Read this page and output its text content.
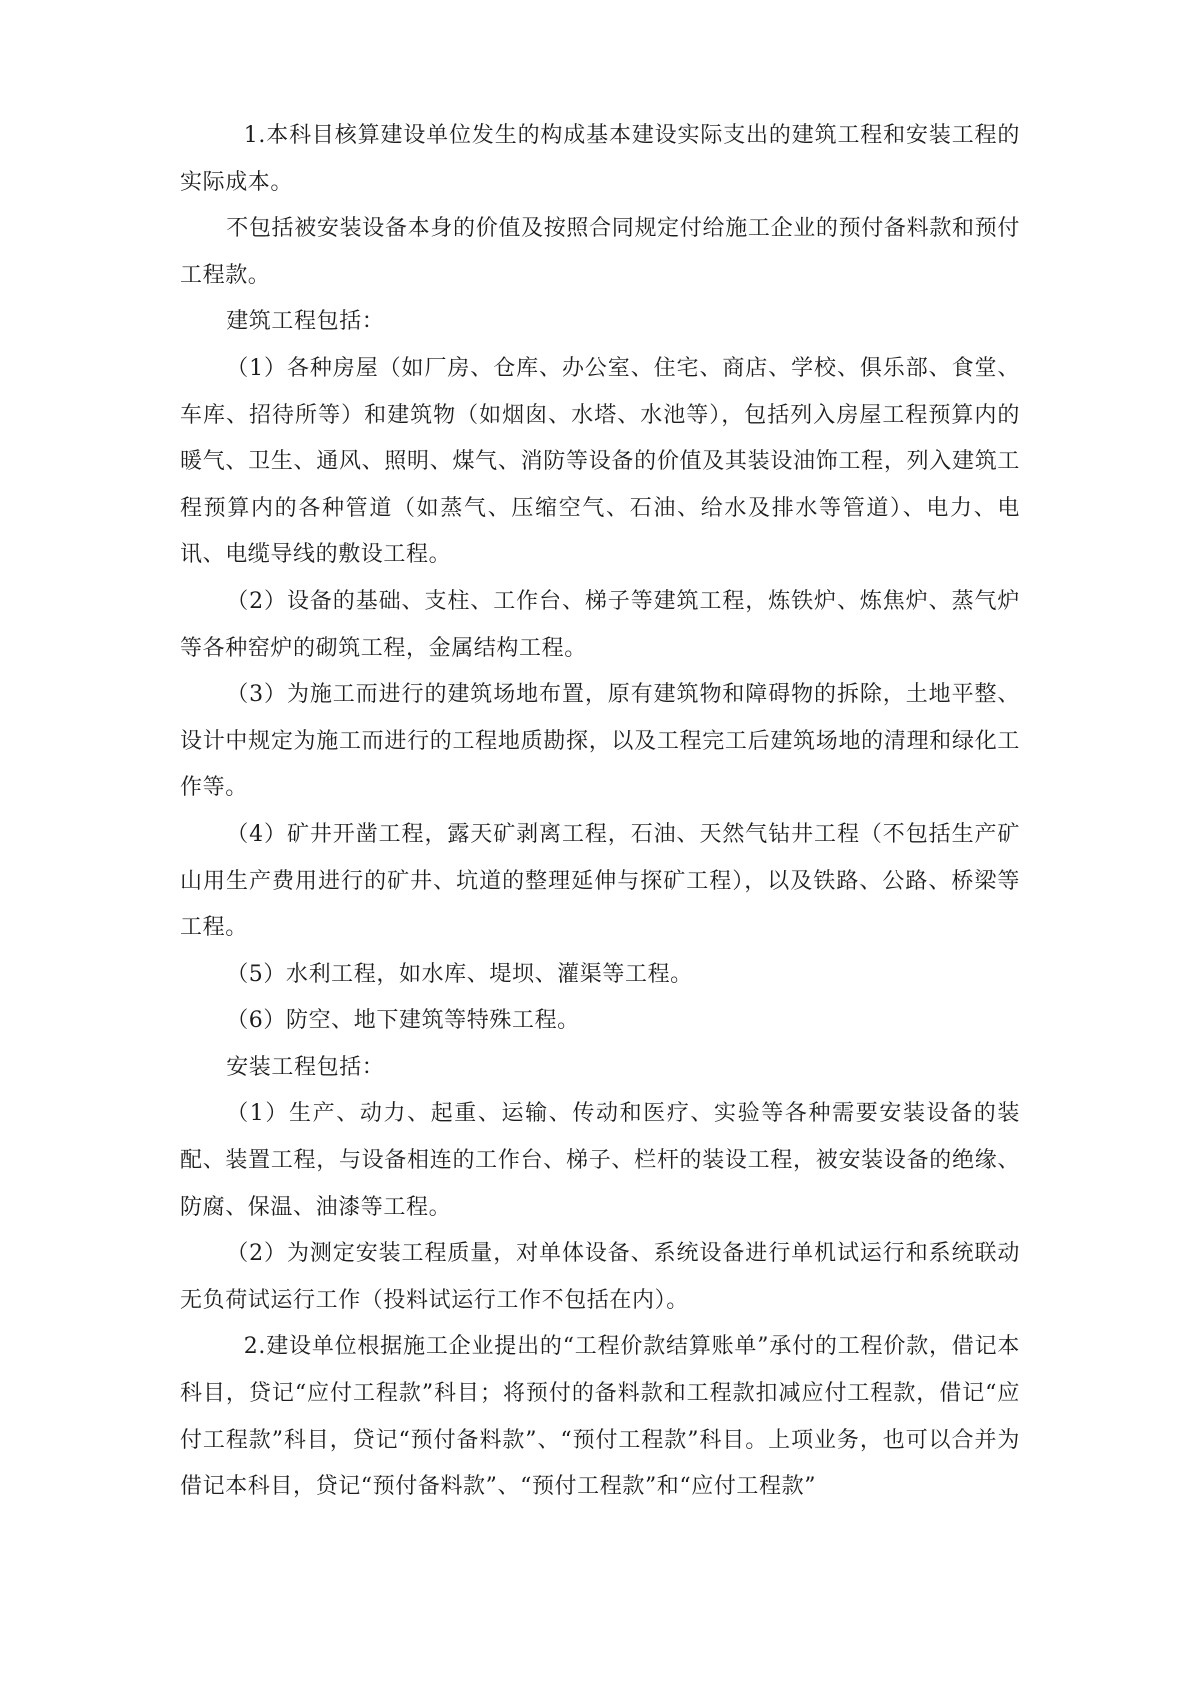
1.本科目核算建设单位发生的构成基本建设实际支出的建筑工程和安装工程的实际成本。

不包括被安装设备本身的价值及按照合同规定付给施工企业的预付备料款和预付工程款。

建筑工程包括：

（1）各种房屋（如厂房、仓库、办公室、住宅、商店、学校、俱乐部、食堂、车库、招待所等）和建筑物（如烟囱、水塔、水池等），包括列入房屋工程预算内的暖气、卫生、通风、照明、煤气、消防等设备的价值及其装设油饰工程，列入建筑工程预算内的各种管道（如蒸气、压缩空气、石油、给水及排水等管道）、电力、电讯、电缆导线的敷设工程。

（2）设备的基础、支柱、工作台、梯子等建筑工程，炼铁炉、炼焦炉、蒸气炉等各种窑炉的砌筑工程，金属结构工程。

（3）为施工而进行的建筑场地布置，原有建筑物和障碍物的拆除，土地平整、设计中规定为施工而进行的工程地质勘探，以及工程完工后建筑场地的清理和绿化工作等。

（4）矿井开凿工程，露天矿剥离工程，石油、天然气钻井工程（不包括生产矿山用生产费用进行的矿井、坑道的整理延伸与探矿工程），以及铁路、公路、桥梁等工程。

（5）水利工程，如水库、堤坝、灌渠等工程。

（6）防空、地下建筑等特殊工程。

安装工程包括：

（1）生产、动力、起重、运输、传动和医疗、实验等各种需要安装设备的装配、装置工程，与设备相连的工作台、梯子、栏杆的装设工程，被安装设备的绝缘、防腐、保温、油漆等工程。

（2）为测定安装工程质量，对单体设备、系统设备进行单机试运行和系统联动无负荷试运行工作（投料试运行工作不包括在内）。

2.建设单位根据施工企业提出的“工程价款结算账单”承付的工程价款，借记本科目，贷记“应付工程款”科目；将预付的备料款和工程款扣减应付工程款，借记“应付工程款”科目，贷记“预付备料款”、“预付工程款”科目。上项业务，也可以合并为借记本科目，贷记“预付备料款”、“预付工程款”和“应付工程款”
